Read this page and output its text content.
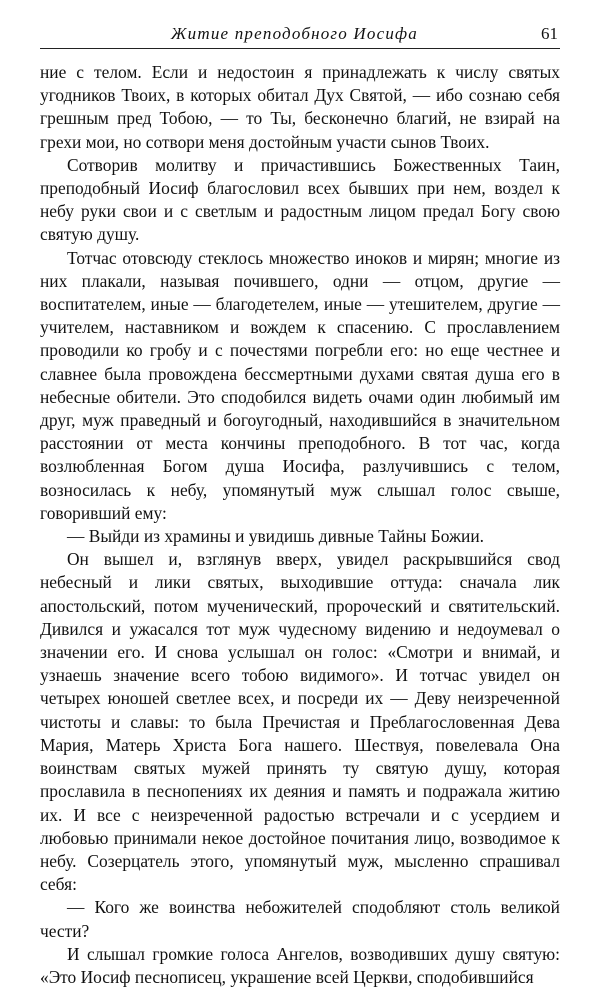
Житие преподобного Иосифа	61

ние с телом. Если и недостоин я принадлежать к числу святых угодников Твоих, в которых обитал Дух Святой, — ибо сознаю себя грешным пред Тобою, — то Ты, бесконечно благий, не взирай на грехи мои, но сотвори меня достойным участи сынов Твоих.

Сотворив молитву и причастившись Божественных Таин, преподобный Иосиф благословил всех бывших при нем, воздел к небу руки свои и с светлым и радостным лицом предал Богу свою святую душу.

Тотчас отовсюду стеклось множество иноков и мирян; многие из них плакали, называя почившего, одни — отцом, другие — воспитателем, иные — благодетелем, иные — утешителем, другие — учителем, наставником и вождем к спасению. С прославлением проводили ко гробу и с почестями погребли его: но еще честнее и славнее была провождена бессмертными духами святая душа его в небесные обители. Это сподобился видеть очами один любимый им друг, муж праведный и богоугодный, находившийся в значительном расстоянии от места кончины преподобного. В тот час, когда возлюбленная Богом душа Иосифа, разлучившись с телом, возносилась к небу, упомянутый муж слышал голос свыше, говоривший ему:

— Выйди из храмины и увидишь дивные Тайны Божии.

Он вышел и, взглянув вверх, увидел раскрывшийся свод небесный и лики святых, выходившие оттуда: сначала лик апостольский, потом мученический, пророческий и святительский. Дивился и ужасался тот муж чудесному видению и недоумевал о значении его. И снова услышал он голос: «Смотри и внимай, и узнаешь значение всего тобою видимого». И тотчас увидел он четырех юношей светлее всех, и посреди их — Деву неизреченной чистоты и славы: то была Пречистая и Преблагословенная Дева Мария, Матерь Христа Бога нашего. Шествуя, повелевала Она воинствам святых мужей принять ту святую душу, которая прославила в песнопениях их деяния и память и подражала житию их. И все с неизреченной радостью встречали и с усердием и любовью принимали некое достойное почитания лицо, возводимое к небу. Созерцатель этого, упомянутый муж, мысленно спрашивал себя:

— Кого же воинства небожителей сподобляют столь великой чести?

И слышал громкие голоса Ангелов, возводивших душу святую: «Это Иосиф песнописец, украшение всей Церкви, сподобившийся
